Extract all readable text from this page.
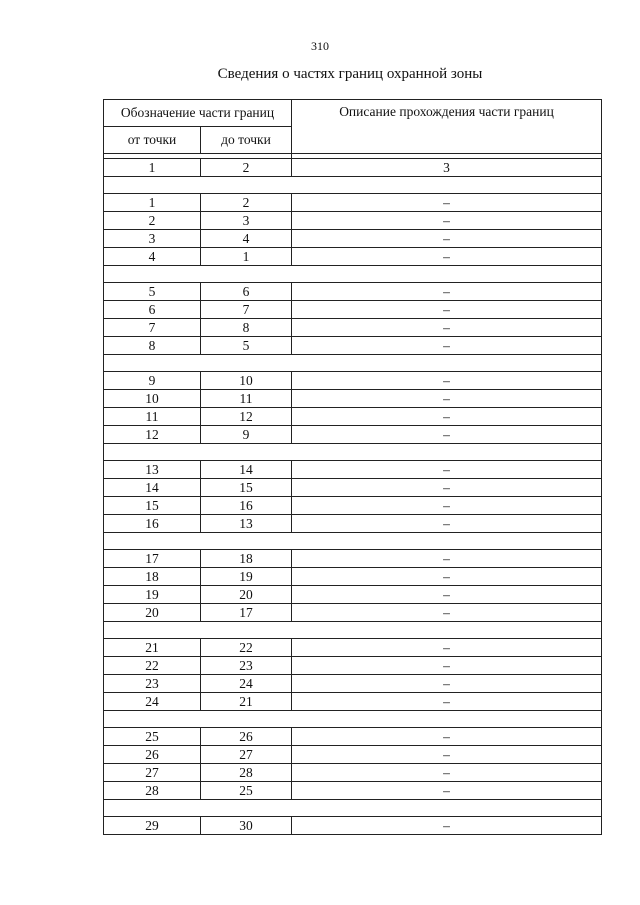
310
Сведения о частях границ охранной зоны
Обозначение части границ		Описание прохождения части границ
от точки	до точки	

1	2	3

1	2	–
2	3	–
3	4	–
4	1	–

5	6	–
6	7	–
7	8	–
8	5	–

9	10	–
10	11	–
11	12	–
12	9	–

13	14	–
14	15	–
15	16	–
16	13	–

17	18	–
18	19	–
19	20	–
20	17	–

21	22	–
22	23	–
23	24	–
24	21	–

25	26	–
26	27	–
27	28	–
28	25	–

29	30	–
